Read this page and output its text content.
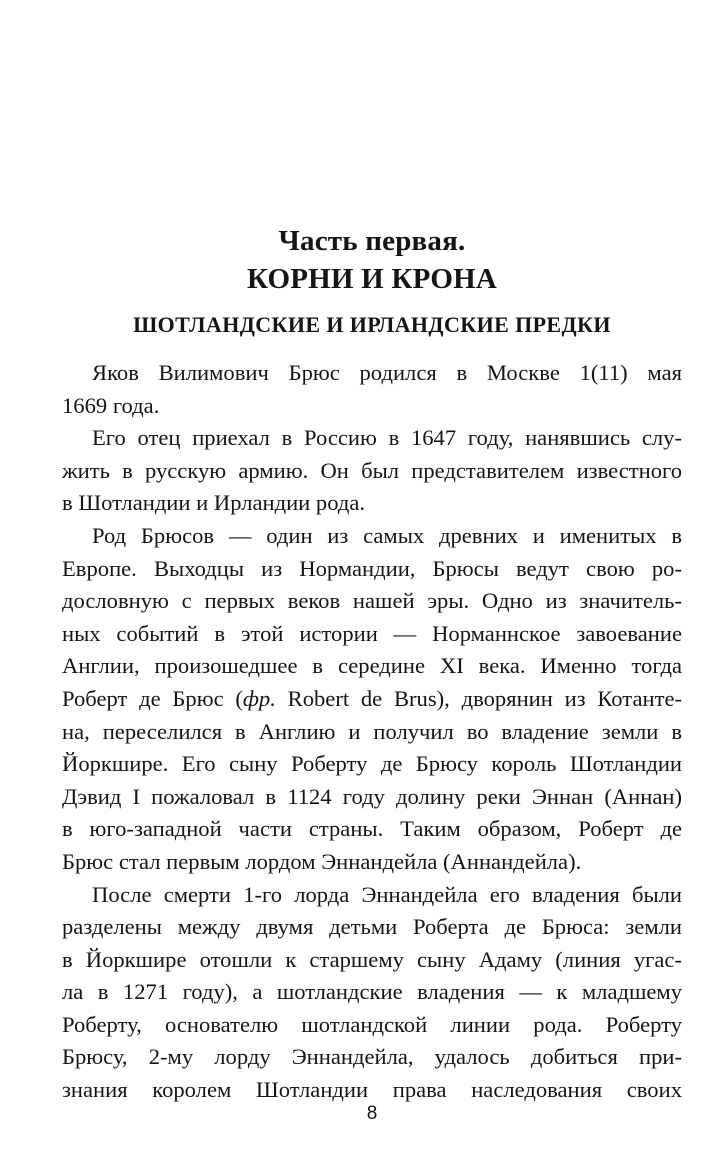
Часть первая.
КОРНИ И КРОНА
ШОТЛАНДСКИЕ И ИРЛАНДСКИЕ ПРЕДКИ
Яков Вилимович Брюс родился в Москве 1(11) мая
1669 года.
Его отец приехал в Россию в 1647 году, нанявшись слу-
жить в русскую армию. Он был представителем известного
в Шотландии и Ирландии рода.
Род Брюсов — один из самых древних и именитых в
Европе. Выходцы из Нормандии, Брюсы ведут свою ро-
дословную с первых веков нашей эры. Одно из значитель-
ных событий в этой истории — Норманнское завоевание
Англии, произошедшее в середине XI века. Именно тогда
Роберт де Брюс (фр. Robert de Brus), дворянин из Котанте-
на, переселился в Англию и получил во владение земли в
Йоркшире. Его сыну Роберту де Брюсу король Шотландии
Дэвид I пожаловал в 1124 году долину реки Эннан (Аннан)
в юго-западной части страны. Таким образом, Роберт де
Брюс стал первым лордом Эннандейла (Аннандейла).
После смерти 1-го лорда Эннандейла его владения были
разделены между двумя детьми Роберта де Брюса: земли
в Йоркшире отошли к старшему сыну Адаму (линия угас-
ла в 1271 году), а шотландские владения — к младшему
Роберту, основателю шотландской линии рода. Роберту
Брюсу, 2-му лорду Эннандейла, удалось добиться при-
знания королем Шотландии права наследования своих
8
